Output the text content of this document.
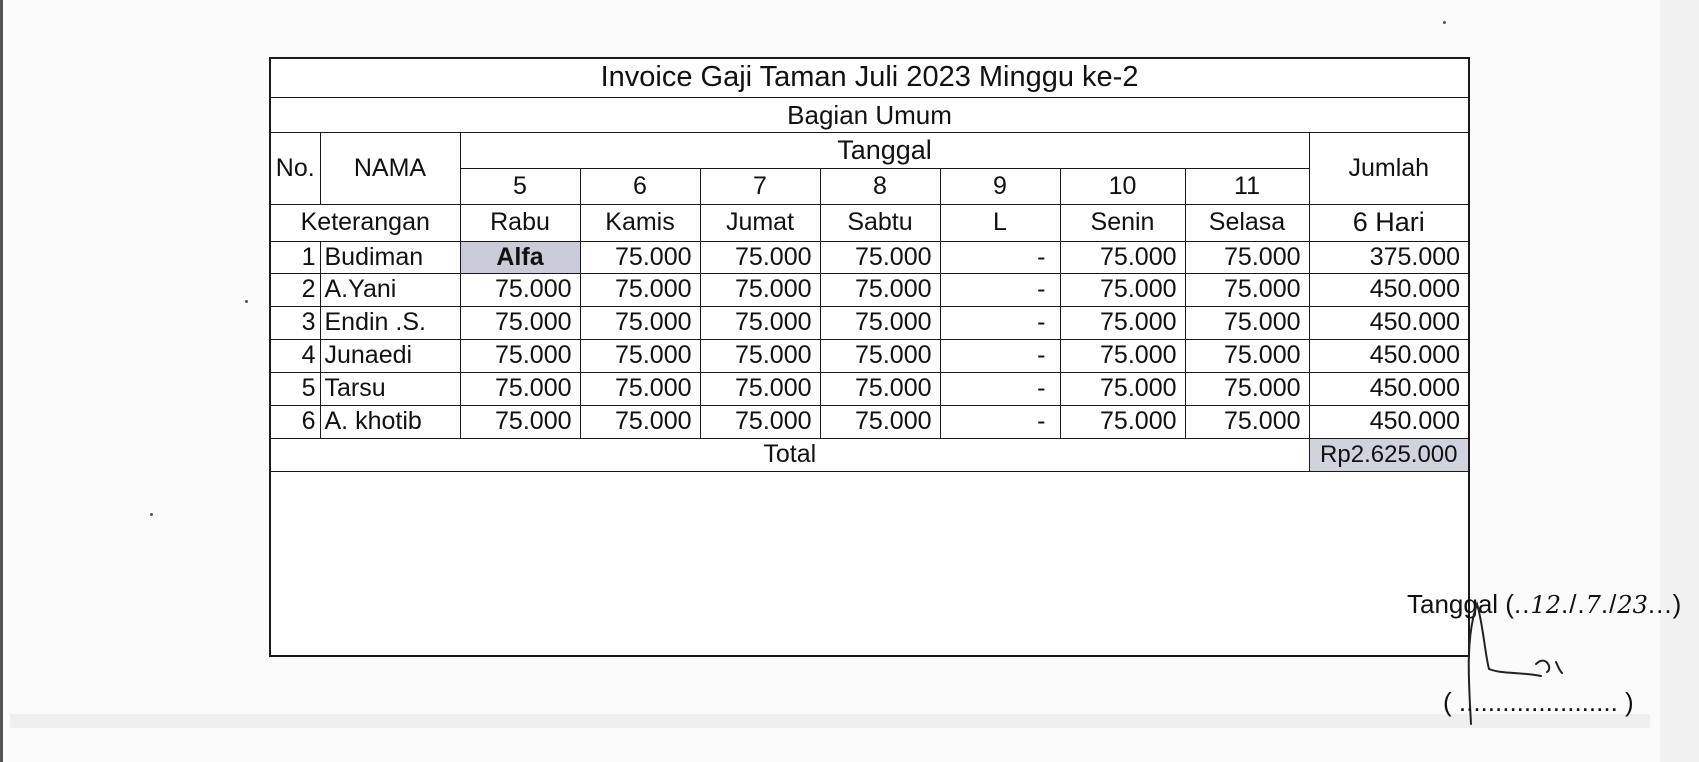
Invoice Gaji Taman Juli 2023 Minggu ke-2									
Bagian Umum									
No.	NAMA	Tanggal							Jumlah
		5	6	7	8	9	10	11	
Keterangan		Rabu	Kamis	Jumat	Sabtu	L	Senin	Selasa	6 Hari
1	Budiman	Alfa	75.000	75.000	75.000	-	75.000	75.000	375.000
2	A.Yani	75.000	75.000	75.000	75.000	-	75.000	75.000	450.000
3	Endin .S.	75.000	75.000	75.000	75.000	-	75.000	75.000	450.000
4	Junaedi	75.000	75.000	75.000	75.000	-	75.000	75.000	450.000
5	Tarsu	75.000	75.000	75.000	75.000	-	75.000	75.000	450.000
6	A. khotib	75.000	75.000	75.000	75.000	-	75.000	75.000	450.000
Total									Rp2.625.000
Tanggal (..12./.7./23...)
( ...................... )
